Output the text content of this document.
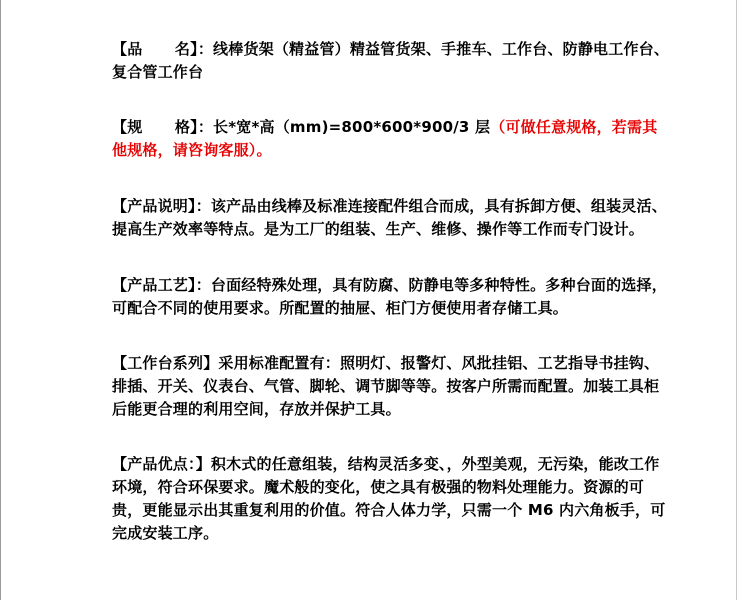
【品      名】：线棒货架（精益管）精益管货架、手推车、工作台、防静电工作台、复合管工作台

【规      格】：长*宽*高（mm)=800*600*900/3 层（可做任意规格，若需其他规格，请咨询客服）。

【产品说明】：该产品由线棒及标准连接配件组合而成，具有拆卸方便、组装灵活、提高生产效率等特点。是为工厂的组装、生产、维修、操作等工作而专门设计。

【产品工艺】：台面经特殊处理，具有防腐、防静电等多种特性。多种台面的选择，可配合不同的使用要求。所配置的抽屉、柜门方便使用者存储工具。

【工作台系列】采用标准配置有：照明灯、报警灯、风批挂铝、工艺指导书挂钩、排插、开关、仪表台、气管、脚轮、调节脚等等。按客户所需而配置。加装工具柜后能更合理的利用空间，存放并保护工具。

【产品优点：】积木式的任意组装，结构灵活多变、，外型美观，无污染，能改工作环境，符合环保要求。魔术般的变化，使之具有极强的物料处理能力。资源的可贵，更能显示出其重复利用的价值。符合人体力学，只需一个 M6 内六角板手，可完成安装工序。
